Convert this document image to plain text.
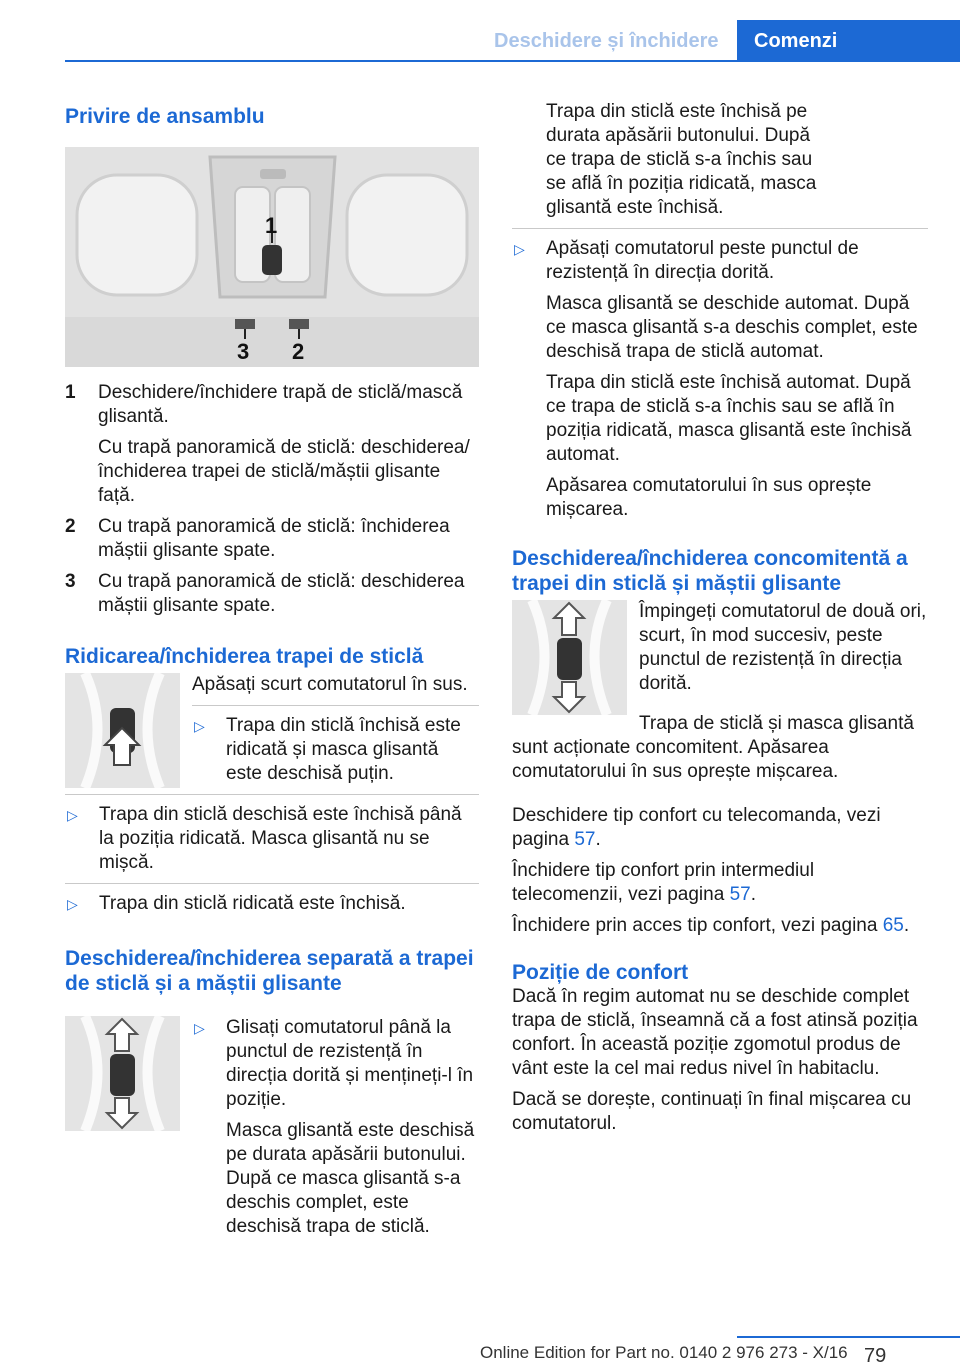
Deschidere și închidere	Comenzi
Privire de ansamblu
1
3 2
1	Deschidere/închidere trapă de sticlă/mască glisantă.

Cu trapă panoramică de sticlă: deschiderea/închiderea trapei de sticlă/măștii glisante față.

2	Cu trapă panoramică de sticlă: închiderea măștii glisante spate.

3	Cu trapă panoramică de sticlă: deschiderea măștii glisante spate.

Ridicarea/închiderea trapei de sticlă

Apăsați scurt comutatorul în sus.

▷	Trapa din sticlă închisă este ridicată și masca glisantă este deschisă puțin.

▷	Trapa din sticlă deschisă este închisă până la poziția ridicată. Masca glisantă nu se mișcă.

▷	Trapa din sticlă ridicată este închisă.

Deschiderea/închiderea separată a trapei de sticlă și a măștii glisante
▷	Glisați comutatorul până la punctul de rezistență în direcția dorită și mențineți-l în poziție.

Masca glisantă este deschisă pe durata apăsării butonului. După ce masca glisantă s-a deschis complet, este deschisă trapa de sticlă.

Trapa din sticlă este închisă pe durata apăsării butonului. După ce trapa de sticlă s-a închis sau se află în poziția ridicată, masca glisantă este închisă.

▷	Apăsați comutatorul peste punctul de rezistență în direcția dorită.

Masca glisantă se deschide automat. După ce masca glisantă s-a deschis complet, este deschisă trapa de sticlă automat.

Trapa din sticlă este închisă automat. După ce trapa de sticlă s-a închis sau se află în poziția ridicată, masca glisantă este închisă automat.

Apăsarea comutatorului în sus oprește mișcarea.

Deschiderea/închiderea concomitentă a trapei din sticlă și măștii glisante

Împingeți comutatorul de două ori, scurt, în mod succesiv, peste punctul de rezistență în direcția dorită.

Trapa de sticlă și masca glisantă sunt acționate concomitent. Apăsarea comutatorului în sus oprește mișcarea.

Deschidere tip confort cu telecomanda, vezi pagina 57.

Închidere tip confort prin intermediul telecomenzii, vezi pagina 57.

Închidere prin acces tip confort, vezi pagina 65.

Poziție de confort

Dacă în regim automat nu se deschide complet trapa de sticlă, înseamnă că a fost atinsă poziția confort. În această poziție zgomotul produs de vânt este la cel mai redus nivel în habitaclu.

Dacă se dorește, continuați în final mișcarea cu comutatorul.

79
Online Edition for Part no. 0140 2 976 273 - X/16
